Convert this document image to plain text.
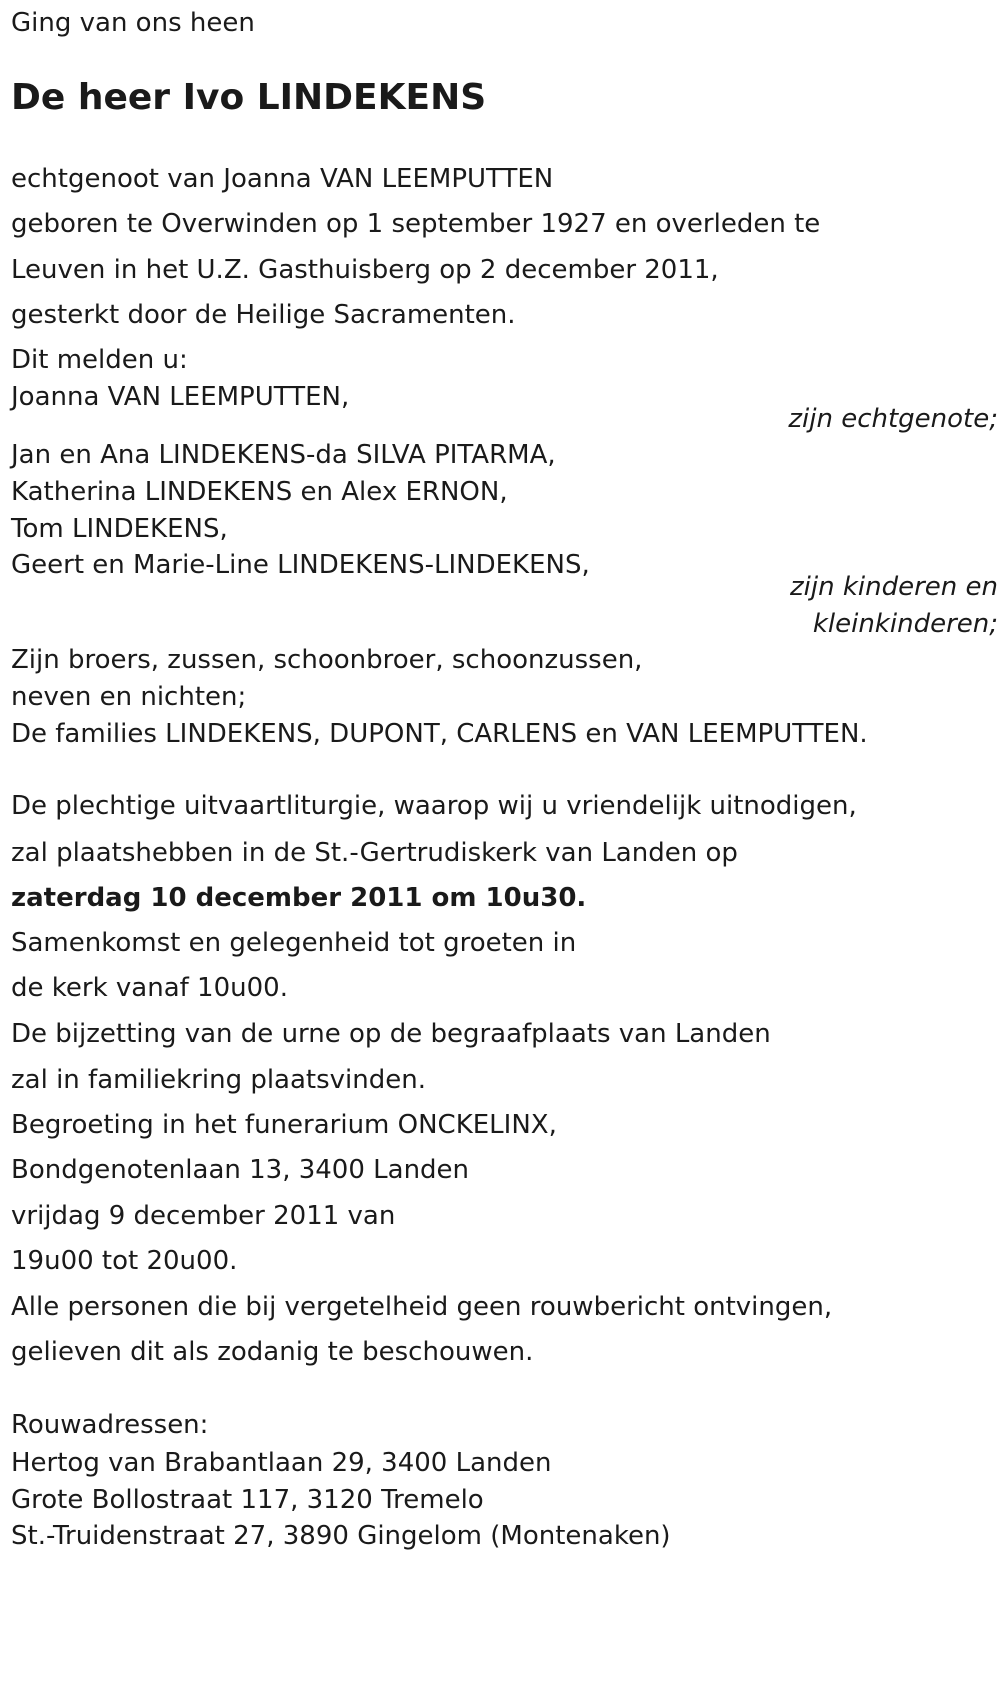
Ging van ons heen
De heer Ivo LINDEKENS
echtgenoot van Joanna VAN LEEMPUTTEN
geboren te Overwinden op 1 september 1927 en overleden te
Leuven in het U.Z. Gasthuisberg op 2 december 2011,
gesterkt door de Heilige Sacramenten.
Dit melden u:
Joanna VAN LEEMPUTTEN,
zijn echtgenote;
Jan en Ana LINDEKENS-da SILVA PITARMA,
Katherina LINDEKENS en Alex ERNON,
Tom LINDEKENS,
Geert en Marie-Line LINDEKENS-LINDEKENS,
zijn kinderen en
kleinkinderen;
Zijn broers, zussen, schoonbroer, schoonzussen,
neven en nichten;
De families LINDEKENS, DUPONT, CARLENS en VAN LEEMPUTTEN.
De plechtige uitvaartliturgie, waarop wij u vriendelijk uitnodigen,
zal plaatshebben in de St.-Gertrudiskerk van Landen op
zaterdag 10 december 2011 om 10u30.
Samenkomst en gelegenheid tot groeten in
de kerk vanaf 10u00.
De bijzetting van de urne op de begraafplaats van Landen
zal in familiekring plaatsvinden.
Begroeting in het funerarium ONCKELINX,
Bondgenotenlaan 13, 3400 Landen
vrijdag 9 december 2011 van
19u00 tot 20u00.
Alle personen die bij vergetelheid geen rouwbericht ontvingen,
gelieven dit als zodanig te beschouwen.
Rouwadressen:
Hertog van Brabantlaan 29, 3400 Landen
Grote Bollostraat 117, 3120 Tremelo
St.-Truidenstraat 27, 3890 Gingelom (Montenaken)
